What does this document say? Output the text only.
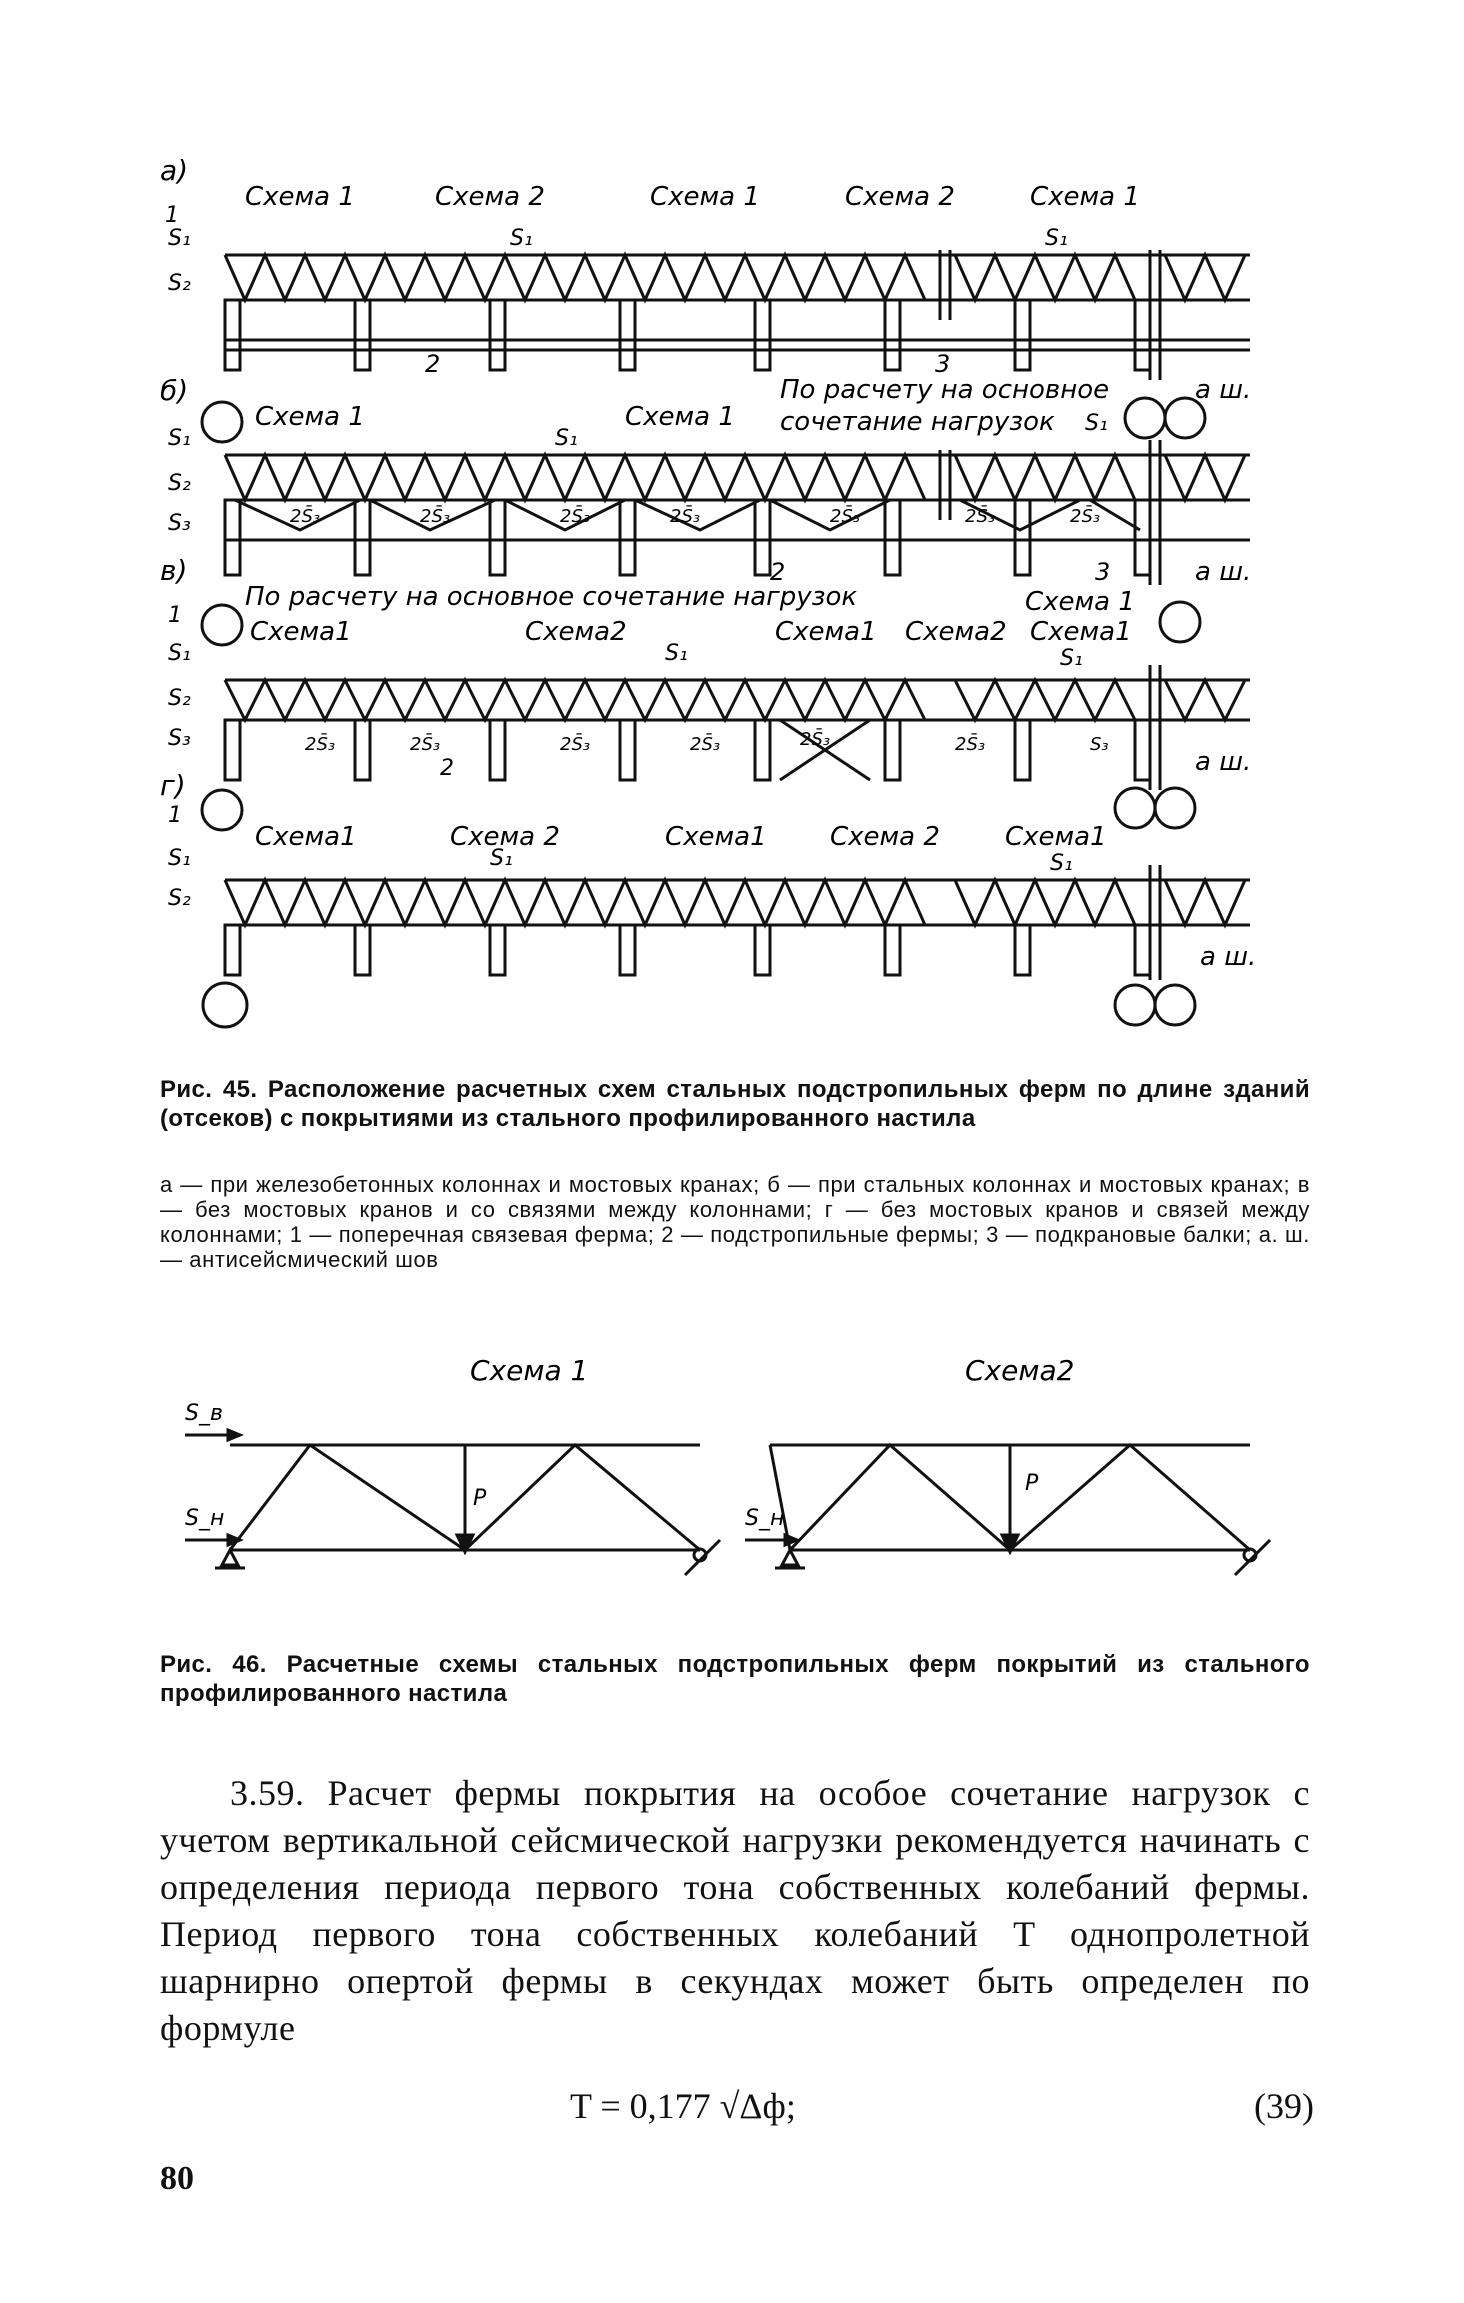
а)
б)
в)
г)
Схема 1	Схема 2	Схема 1	Схема 2	Схема 1
S₁
S₂
S₁	S₁
1
2	3
По расчету на основное
сочетание нагрузок
Схема 1	Схема 1
а ш.
S₁
S₂
S₃
S₁
S₁
2S̄₃	2S̄₃	2S̄₃	2S̄₃	2S̄₃	2S̄₃	2S̄₃
2	3	а ш.
По расчету на основное сочетание нагрузок	Схема 1
Схема1	Схема2	Схема1 Схема2 Схема1
1
S₁
S₂
S₃
S₁	S₁
2S̄₃	2S̄₃	2S̄₃	2S̄₃	2S̄₃	2S̄₃	S₃
2	а ш.
Схема1	Схема 2	Схема1 Схема 2	Схема1
1
S₁
S₂
S₁	S₁
а ш.
Рис. 45. Расположение расчетных схем стальных подстропильных ферм по длине зданий (отсеков) с покрытиями из стального профилированного настила
а — при железобетонных колоннах и мостовых кранах; б — при стальных колоннах и мостовых кранах; в — без мостовых кранов и со связями между колоннами; г — без мостовых кранов и связей между колоннами; 1 — поперечная связевая ферма; 2 — подстропильные фермы; 3 — подкрановые балки; а. ш. — антисейсмический шов
Схема 1	Схема2
S_в
S_н
P
S_н
P
Рис. 46. Расчетные схемы стальных подстропильных ферм покрытий из стального профилированного настила
3.59. Расчет фермы покрытия на особое сочетание нагрузок с учетом вертикальной сейсмической нагрузки рекомендуется начинать с определения периода первого тона собственных колебаний фермы. Период первого тона собственных колебаний T однопролетной шарнирно опертой фермы в секундах может быть определен по формуле
T = 0,177 √Δф;	(39)
80
